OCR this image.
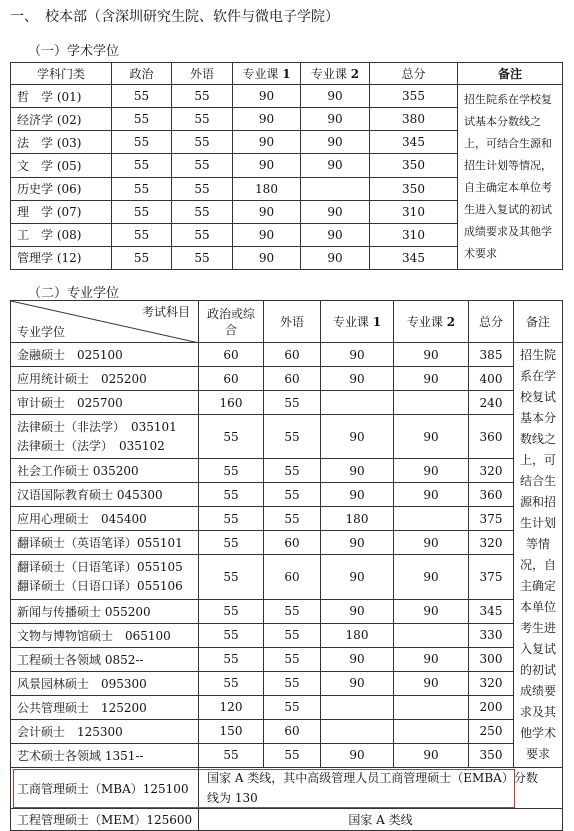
一、　校本部（含深圳研究生院、软件与微电子学院）
（一）学术学位
学科门类	政治	外语	专业课 1	专业课 2	总分	备注
哲　学 (01)	55	55	90	90	355	招生院系在学校复试基本分数线之上，可结合生源和招生计划等情况，自主确定本单位考生进入复试的初试成绩要求及其他学术要求
经济学 (02)	55	55	90	90	380	
法　学 (03)	55	55	90	90	345	
文　学 (05)	55	55	90	90	350	
历史学 (06)	55	55	180		350	
理　学 (07)	55	55	90	90	310	
工　学 (08)	55	55	90	90	310	
管理学 (12)	55	55	90	90	345	
（二）专业学位
考试科目
专业学位	政治或综合	外语	专业课 1	专业课 2	总分	备注

金融硕士　025100	60	60	90	90	385	招生院系在学校复试基本分数线之上，可结合生源和招生计划等情况，自主确定本单位考生进入复试的初试成绩要求及其他学术要求

应用统计硕士　025200	60	60	90	90	400	

审计硕士　025700	160	55			240	

法律硕士（非法学）　035101
法律硕士（法学）　035102	55	55	90	90	360	

社会工作硕士 035200	55	55	90	90	320	

汉语国际教育硕士 045300	55	55	90	90	360	

应用心理硕士　045400	55	55	180		375	

翻译硕士（英语笔译）055101	55	60	90	90	320	

翻译硕士（日语笔译）055105
翻译硕士（日语口译）055106	55	60	90	90	375	

新闻与传播硕士 055200	55	55	90	90	345	

文物与博物馆硕士　065100	55	55	180		330	

工程硕士各领域 0852--	55	55	90	90	300	

风景园林硕士　095300	55	55	90	90	320	

公共管理硕士　125200	120	55			200	

会计硕士　125300	150	60			250	

艺术硕士各领域 1351--	55	55	90	90	350	
工商管理硕士（MBA）125100	国家 A 类线，其中高级管理人员工商管理硕士（EMBA）分数线为 130					
工程管理硕士（MEM）125600	国家 A 类线					
